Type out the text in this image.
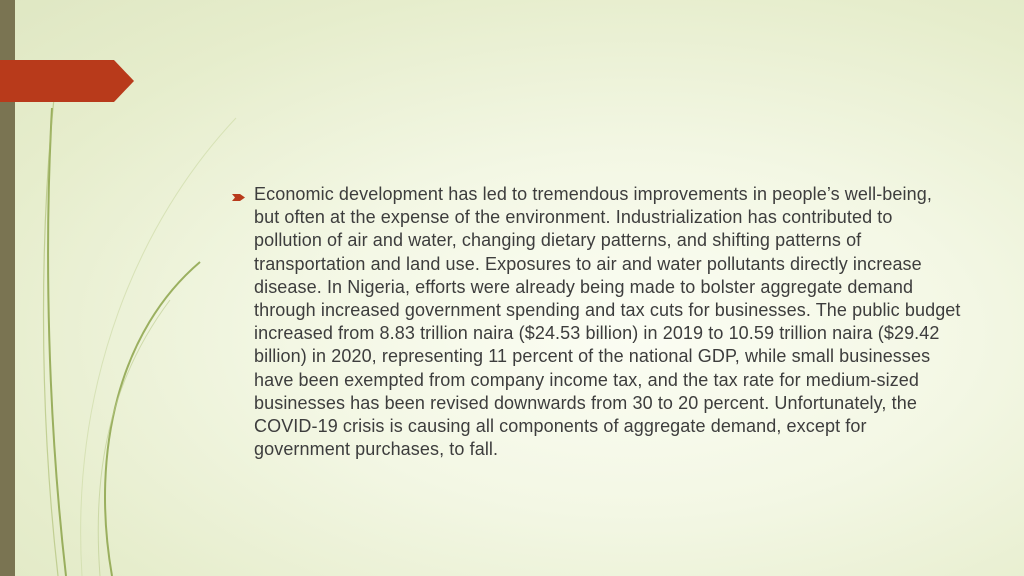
Economic development has led to tremendous improvements in people’s well-being, but often at the expense of the environment. Industrialization has contributed to pollution of air and water, changing dietary patterns, and shifting patterns of transportation and land use. Exposures to air and water pollutants directly increase disease. In Nigeria, efforts were already being made to bolster aggregate demand through increased government spending and tax cuts for businesses. The public budget increased from 8.83 trillion naira ($24.53 billion) in 2019 to 10.59 trillion naira ($29.42 billion) in 2020, representing 11 percent of the national GDP, while small businesses have been exempted from company income tax, and the tax rate for medium-sized businesses has been revised downwards from 30 to 20 percent. Unfortunately, the COVID-19 crisis is causing all components of aggregate demand, except for government purchases, to fall.
